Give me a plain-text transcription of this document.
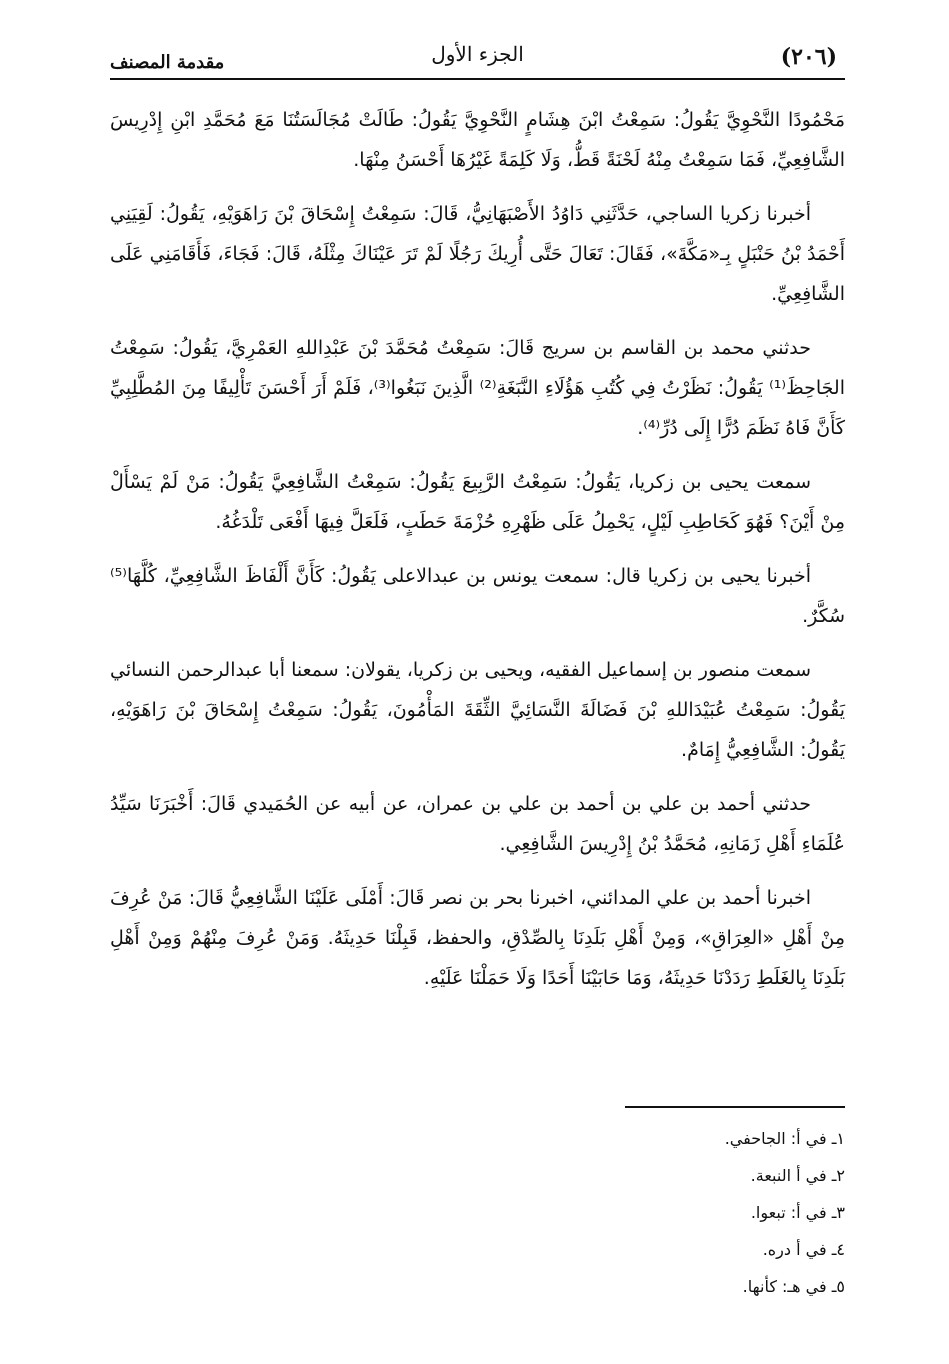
(٢٠٦)
الجزء الأول
مقدمة المصنف

مَحْمُودًا النَّحْوِيَّ يَقُولُ: سَمِعْتُ ابْنَ هِشَامٍ النَّحْوِيَّ يَقُولُ: طَالَتْ مُجَالَسَتُنَا مَعَ مُحَمَّدِ ابْنِ إِدْرِيسَ الشَّافِعِيِّ، فَمَا سَمِعْتُ مِنْهُ لَحْنَةً قَطُّ، وَلَا كَلِمَةً غَيْرُهَا أَحْسَنُ مِنْهَا.

أخبرنا زكريا الساجي، حَدَّثَنِي دَاوُدُ الأَصْبَهَانِيُّ، قَالَ: سَمِعْتُ إِسْحَاقَ بْنَ رَاهَوَيْهِ، يَقُولُ: لَقِيَنِي أَحْمَدُ بْنُ حَنْبَلٍ بِـ«مَكَّةَ»، فَقَالَ: تَعَالَ حَتَّى أُرِيكَ رَجُلًا لَمْ تَرَ عَيْنَاكَ مِثْلَهُ، قَالَ: فَجَاءَ، فَأَقَامَنِي عَلَى الشَّافِعِيِّ.

حدثني محمد بن القاسم بن سريج قَالَ: سَمِعْتُ مُحَمَّدَ بْنَ عَبْدِاللهِ العَمْرِيَّ، يَقُولُ: سَمِعْتُ الجَاحِظَ⁽¹⁾ يَقُولُ: نَظَرْتُ فِي كُتُبِ هَؤُلَاءِ النَّبَغَةِ⁽²⁾ الَّذِينَ نَبَغُوا⁽³⁾، فَلَمْ أَرَ أَحْسَنَ تَأْلِيفًا مِنَ المُطَّلِبِيِّ كَأَنَّ فَاهُ نَظَمَ دُرًّا إِلَى دُرِّ⁽⁴⁾.

سمعت يحيى بن زكريا، يَقُولُ: سَمِعْتُ الرَّبِيعَ يَقُولُ: سَمِعْتُ الشَّافِعِيَّ يَقُولُ: مَنْ لَمْ يَسْأَلْ مِنْ أَيْنَ؟ فَهُوَ كَحَاطِبِ لَيْلٍ، يَحْمِلُ عَلَى ظَهْرِهِ حُزْمَةَ حَطَبٍ، فَلَعَلَّ فِيهَا أَفْعَى تَلْدَغُهُ.

أخبرنا يحيى بن زكريا قال: سمعت يونس بن عبدالاعلى يَقُولُ: كَأَنَّ أَلْفَاظَ الشَّافِعِيِّ، كُلَّهَا⁽⁵⁾ سُكَّرٌ.

سمعت منصور بن إسماعيل الفقيه، ويحيى بن زكريا، يقولان: سمعنا أبا عبدالرحمن النسائي يَقُولُ: سَمِعْتُ عُبَيْدَاللهِ بْنَ فَضَالَةَ النَّسَائِيَّ الثِّقَةَ المَأْمُونَ، يَقُولُ: سَمِعْتُ إِسْحَاقَ بْنَ رَاهَوَيْهِ، يَقُولُ: الشَّافِعِيُّ إِمَامٌ.

حدثني أحمد بن علي بن أحمد بن علي بن عمران، عن أبيه عن الحُمَيدي قَالَ: أَخْبَرَنَا سَيِّدُ عُلَمَاءِ أَهْلِ زَمَانِهِ، مُحَمَّدُ بْنُ إِدْرِيسَ الشَّافِعِي.

اخبرنا أحمد بن علي المدائني، اخبرنا بحر بن نصر قَالَ: أَمْلَى عَلَيْنَا الشَّافِعِيُّ قَالَ: مَنْ عُرِفَ مِنْ أَهْلِ «العِرَاقِ»، وَمِنْ أَهْلِ بَلَدِنَا بِالصِّدْقِ، والحفظ، قَبِلْنَا حَدِيثَهُ. وَمَنْ عُرِفَ مِنْهُمْ وَمِنْ أَهْلِ بَلَدِنَا بِالغَلَطِ رَدَدْنَا حَدِيثَهُ، وَمَا حَابَيْنَا أَحَدًا وَلَا حَمَلْنَا عَلَيْهِ.

١ـ في أ: الجاحفي.
٢ـ في أ النبعة.
٣ـ في أ: تبعوا.
٤ـ في أ دره.
٥ـ في هـ: كأنها.
